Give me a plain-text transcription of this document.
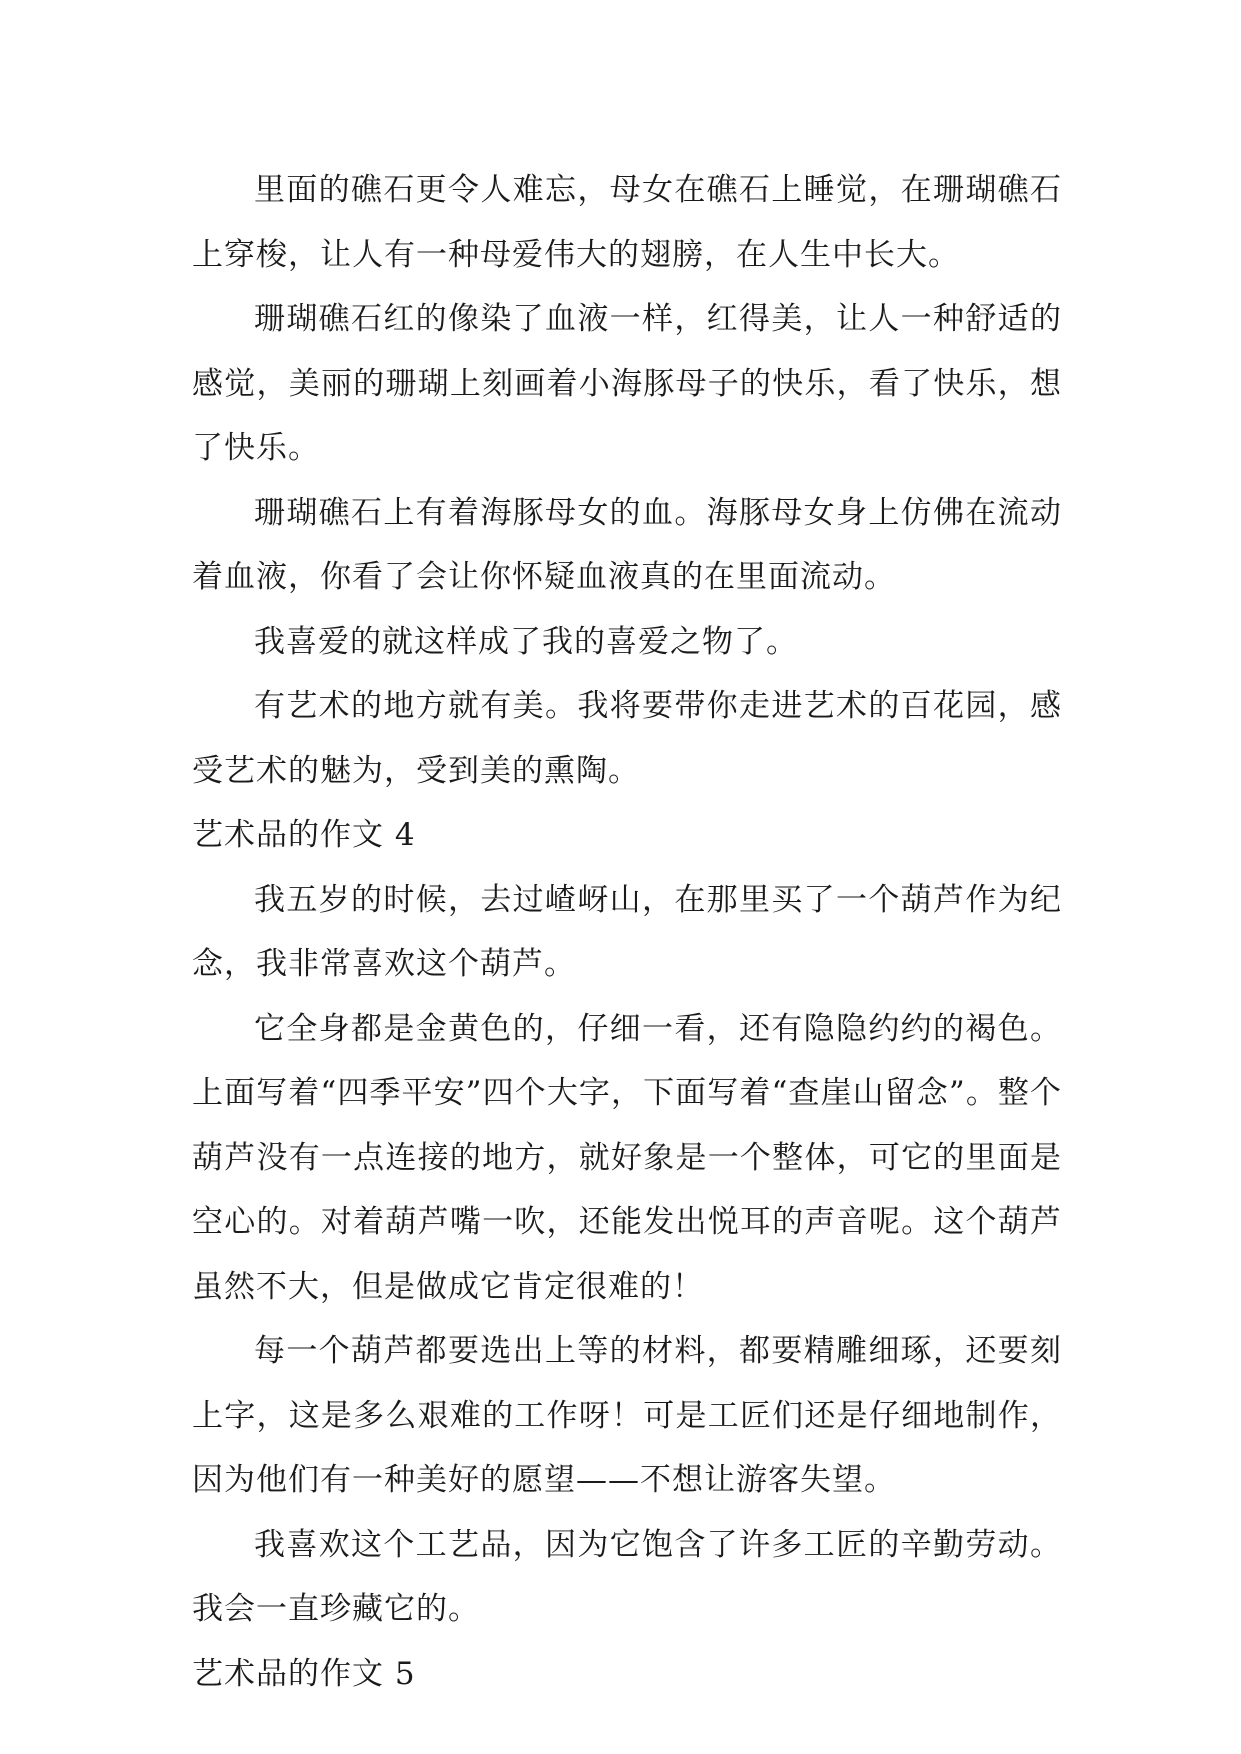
里面的礁石更令人难忘，母女在礁石上睡觉，在珊瑚礁石上穿梭，让人有一种母爱伟大的翅膀，在人生中长大。

珊瑚礁石红的像染了血液一样，红得美，让人一种舒适的感觉，美丽的珊瑚上刻画着小海豚母子的快乐，看了快乐，想了快乐。

珊瑚礁石上有着海豚母女的血。海豚母女身上仿佛在流动着血液，你看了会让你怀疑血液真的在里面流动。

我喜爱的就这样成了我的喜爱之物了。

有艺术的地方就有美。我将要带你走进艺术的百花园，感受艺术的魅为，受到美的熏陶。

艺术品的作文 4

我五岁的时候，去过嵖岈山，在那里买了一个葫芦作为纪念，我非常喜欢这个葫芦。

它全身都是金黄色的，仔细一看，还有隐隐约约的褐色。上面写着“四季平安”四个大字，下面写着“查崖山留念”。整个葫芦没有一点连接的地方，就好象是一个整体，可它的里面是空心的。对着葫芦嘴一吹，还能发出悦耳的声音呢。这个葫芦虽然不大，但是做成它肯定很难的！

每一个葫芦都要选出上等的材料，都要精雕细琢，还要刻上字，这是多么艰难的工作呀！可是工匠们还是仔细地制作，因为他们有一种美好的愿望——不想让游客失望。

我喜欢这个工艺品，因为它饱含了许多工匠的辛勤劳动。我会一直珍藏它的。

艺术品的作文 5
